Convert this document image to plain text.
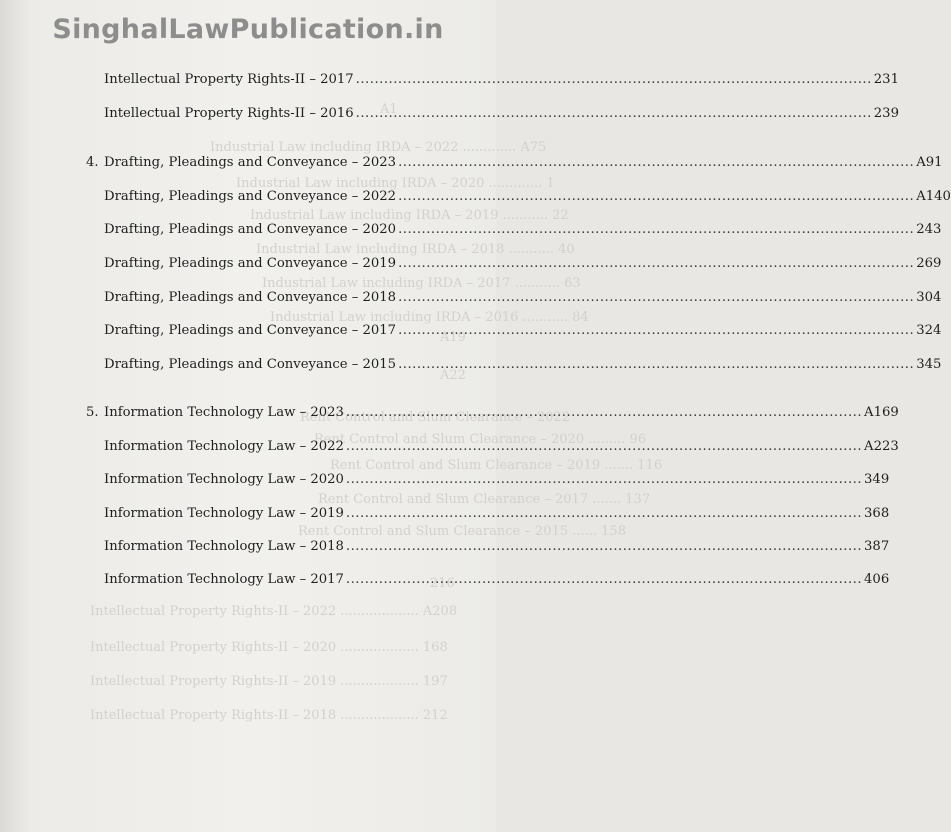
A1
Industrial Law including IRDA – 2022 ............. A75
Industrial Law including IRDA – 2020 ............. 1
Industrial Law including IRDA – 2019 ........... 22
Industrial Law including IRDA – 2018 ........... 40
Industrial Law including IRDA – 2017 ........... 63
Industrial Law including IRDA – 2016 ........... 84
A19
A22
Rent Control and Slum Clearance – 2022
Rent Control and Slum Clearance – 2020 ......... 96
Rent Control and Slum Clearance – 2019 ....... 116
Rent Control and Slum Clearance – 2017 ....... 137
Rent Control and Slum Clearance – 2015 ...... 158
216
Intellectual Property Rights-II – 2022 ................... A208
Intellectual Property Rights-II – 2020 ................... 168
Intellectual Property Rights-II – 2019 ................... 197
Intellectual Property Rights-II – 2018 ................... 212
SinghalLawPublication.in
Intellectual Property Rights-II – 2017 .....	231
Intellectual Property Rights-II – 2016 .....	239
4. Drafting, Pleadings and Conveyance – 2023 .....	A91
Drafting, Pleadings and Conveyance – 2022 .....	A140
Drafting, Pleadings and Conveyance – 2020 .....	243
Drafting, Pleadings and Conveyance – 2019 .....	269
Drafting, Pleadings and Conveyance – 2018 .....	304
Drafting, Pleadings and Conveyance – 2017 .....	324
Drafting, Pleadings and Conveyance – 2015 .....	345
5. Information Technology Law – 2023 .....	A169
Information Technology Law – 2022 .....	A223
Information Technology Law – 2020 .....	349
Information Technology Law – 2019 .....	368
Information Technology Law – 2018 .....	387
Information Technology Law – 2017 .....	406
